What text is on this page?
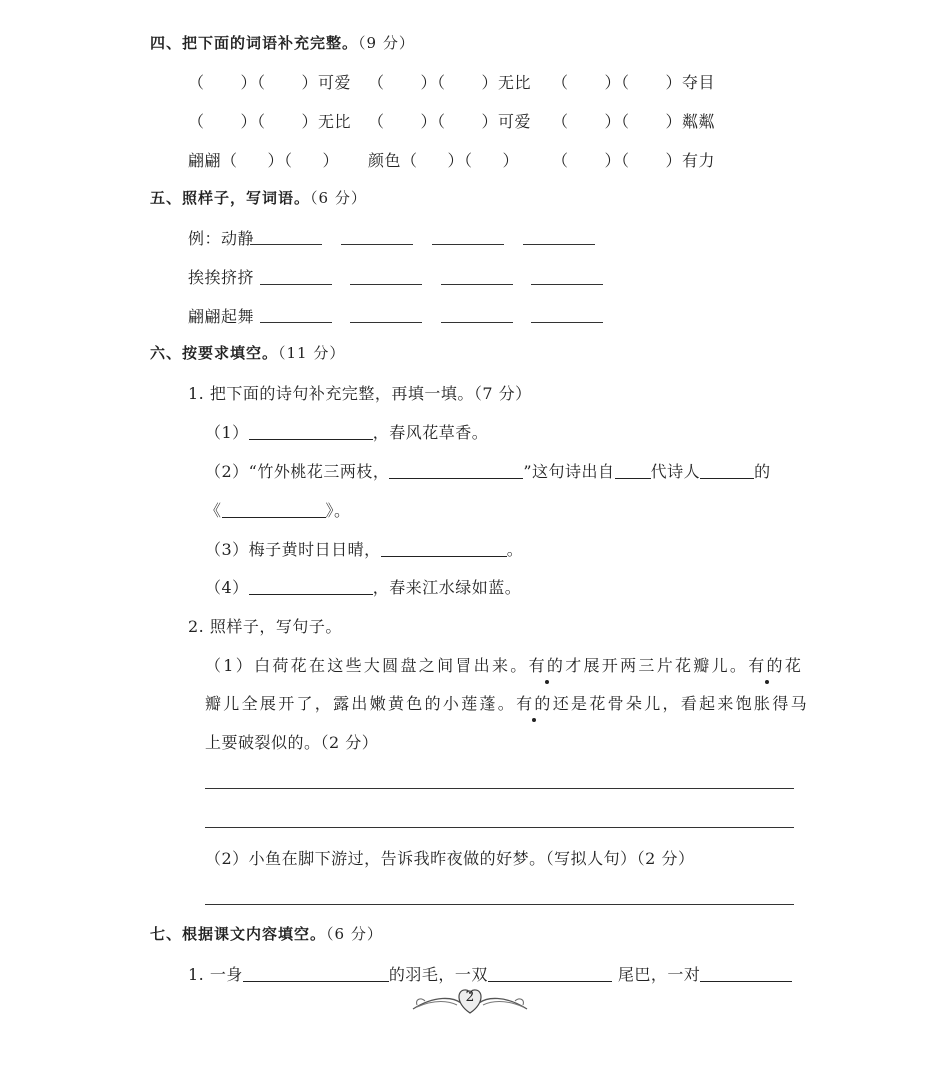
四、把下面的词语补充完整。（9 分）
（ ）（ ）可爱 （ ）（ ）无比 （ ）（ ）夺目
（ ）（ ）无比 （ ）（ ）可爱 （ ）（ ）粼粼
翩翩（ ）（ ） 颜色（ ）（ ） （ ）（ ）有力
五、照样子，写词语。（6 分）
例：动静
挨挨挤挤
翩翩起舞
六、按要求填空。（11 分）
1. 把下面的诗句补充完整，再填一填。（7 分）
（1）	，春风花草香。
（2）“竹外桃花三两枝，	”这句诗出自 代诗人	的
《	》。
（3）梅子黄时日日晴，	。
（4）	，春来江水绿如蓝。
2. 照样子，写句子。
（1）白荷花在这些大圆盘之间冒出来。有的才展开两三片花瓣儿。有的花
瓣儿全展开了，露出嫩黄色的小莲蓬。有的还是花骨朵儿，看起来饱胀得马
上要破裂似的。（2 分）
（2）小鱼在脚下游过，告诉我昨夜做的好梦。（写拟人句）（2 分）
七、根据课文内容填空。（6 分）
1. 一身	的羽毛，一双	尾巴，一对
2
